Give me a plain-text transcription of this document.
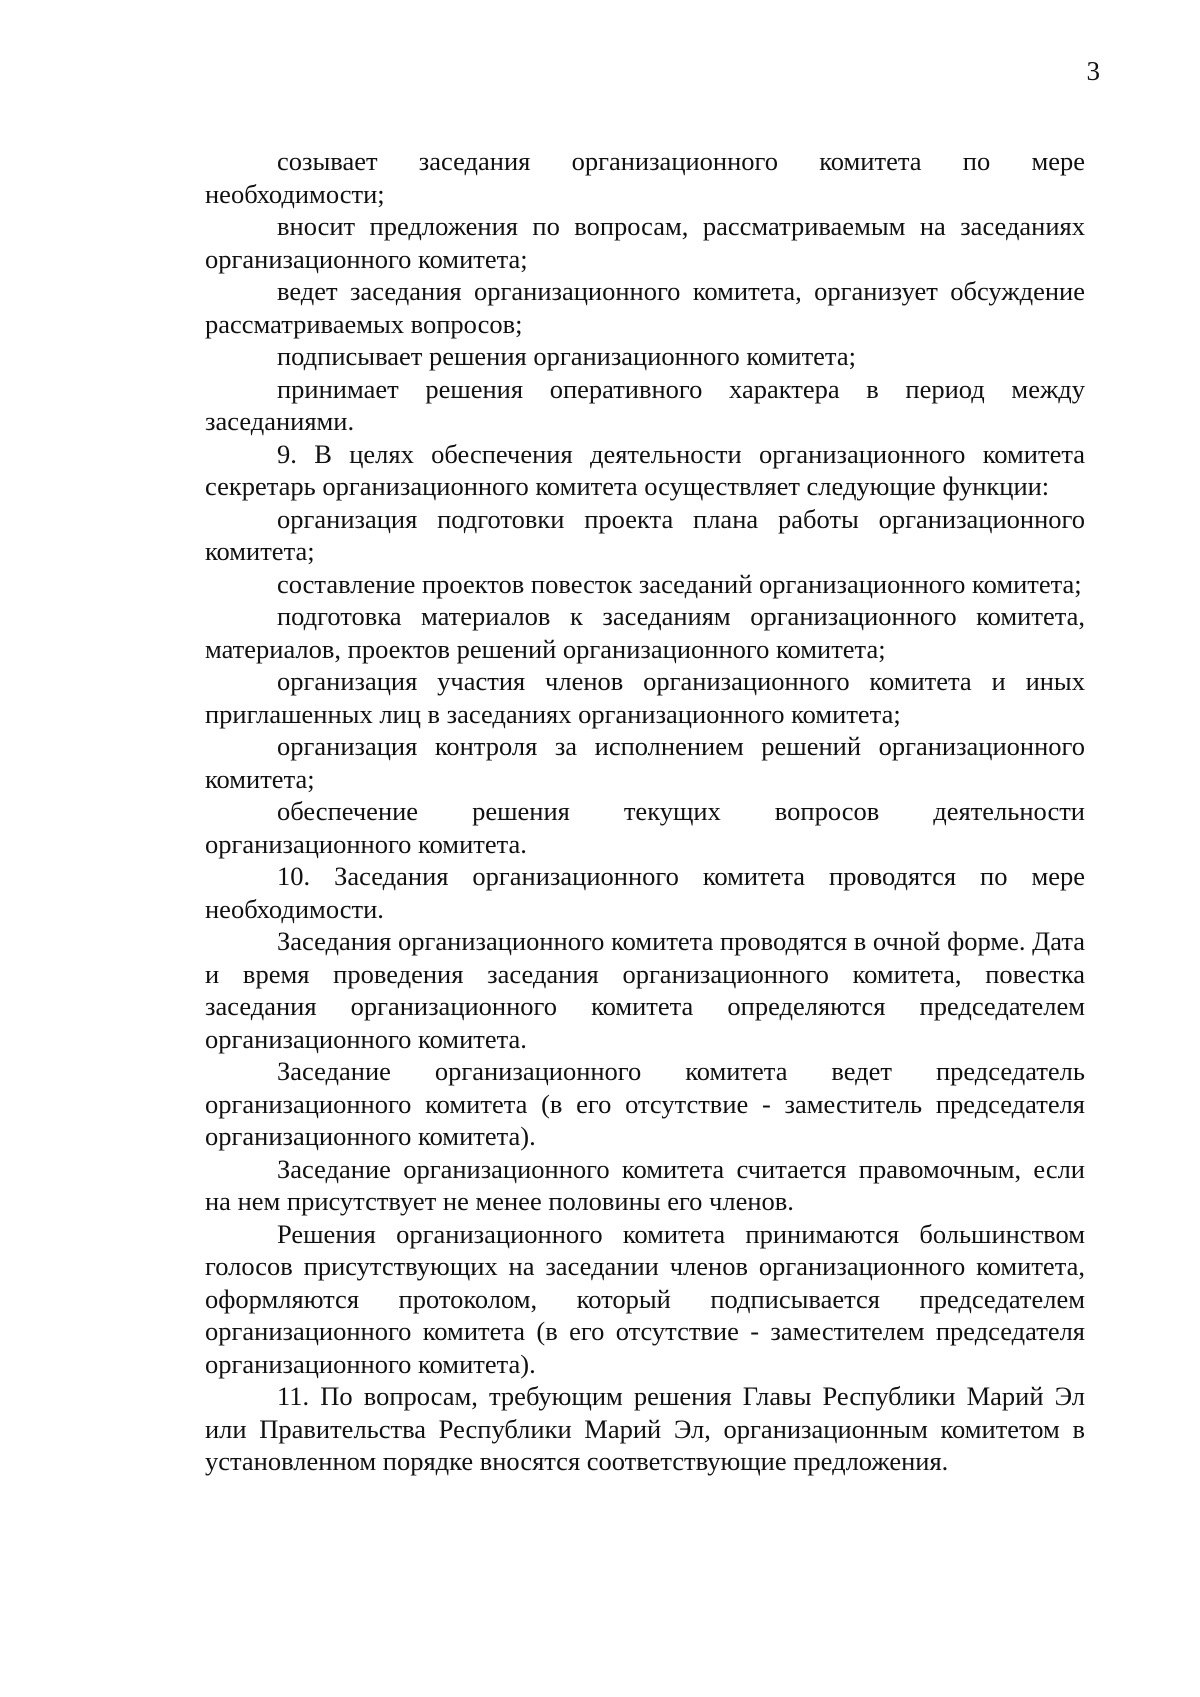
3

созывает заседания организационного комитета по мере необходимости;

вносит предложения по вопросам, рассматриваемым на заседаниях организационного комитета;

ведет заседания организационного комитета, организует обсуждение рассматриваемых вопросов;

подписывает решения организационного комитета;

принимает решения оперативного характера в период между заседаниями.

9. В целях обеспечения деятельности организационного комитета секретарь организационного комитета осуществляет следующие функции:

организация подготовки проекта плана работы организационного комитета;

составление проектов повесток заседаний организационного комитета;

подготовка материалов к заседаниям организационного комитета, материалов, проектов решений организационного комитета;

организация участия членов организационного комитета и иных приглашенных лиц в заседаниях организационного комитета;

организация контроля за исполнением решений организационного комитета;

обеспечение решения текущих вопросов деятельности организационного комитета.

10. Заседания организационного комитета проводятся по мере необходимости.

Заседания организационного комитета проводятся в очной форме. Дата и время проведения заседания организационного комитета, повестка заседания организационного комитета определяются председателем организационного комитета.

Заседание организационного комитета ведет председатель организационного комитета (в его отсутствие - заместитель председателя организационного комитета).

Заседание организационного комитета считается правомочным, если на нем присутствует не менее половины его членов.

Решения организационного комитета принимаются большинством голосов присутствующих на заседании членов организационного комитета, оформляются протоколом, который подписывается председателем организационного комитета (в его отсутствие - заместителем председателя организационного комитета).

11. По вопросам, требующим решения Главы Республики Марий Эл или Правительства Республики Марий Эл, организационным комитетом в установленном порядке вносятся соответствующие предложения.
